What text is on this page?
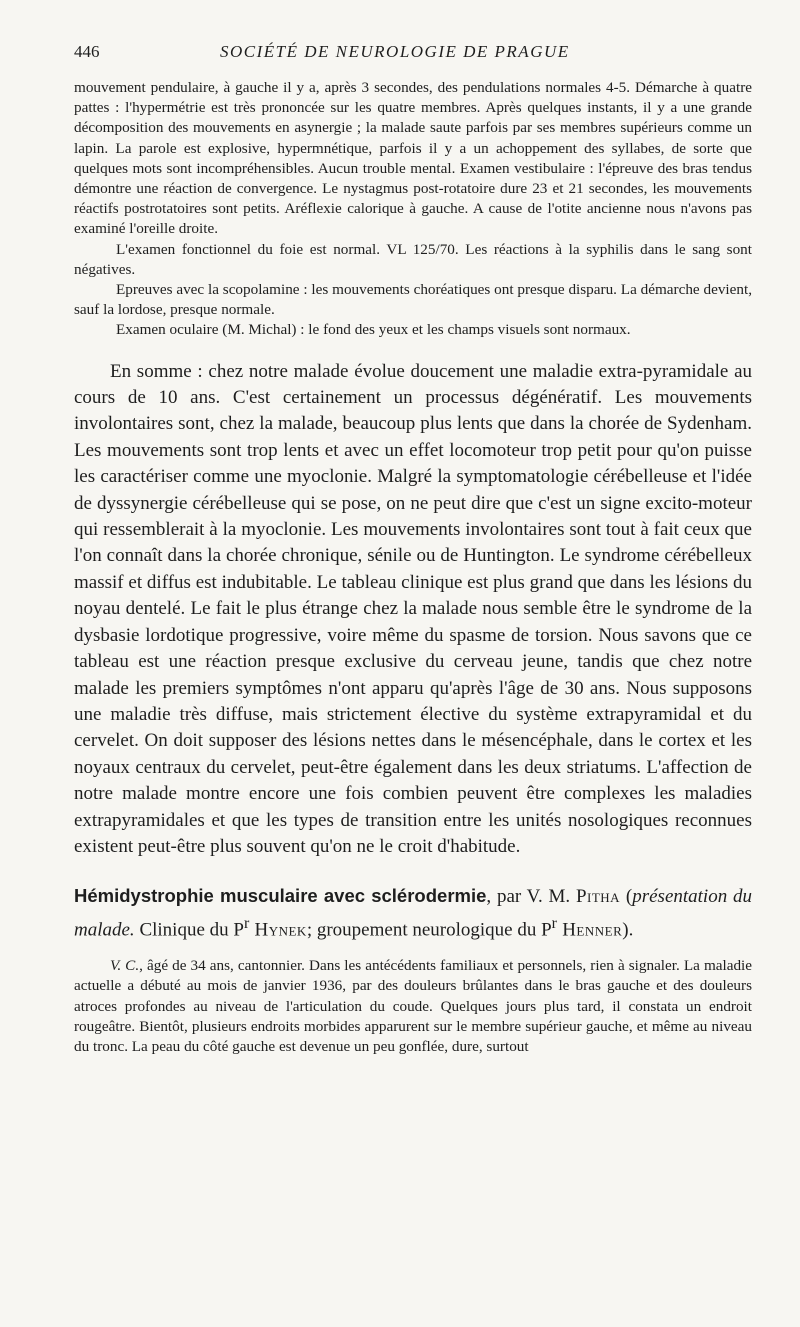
446	SOCIÉTÉ DE NEUROLOGIE DE PRAGUE

mouvement pendulaire, à gauche il y a, après 3 secondes, des pendulations normales 4-5. Démarche à quatre pattes : l'hypermétrie est très prononcée sur les quatre membres. Après quelques instants, il y a une grande décomposition des mouvements en asynergie ; la malade saute parfois par ses membres supérieurs comme un lapin. La parole est explosive, hypermnétique, parfois il y a un achoppement des syllabes, de sorte que quelques mots sont incompréhensibles. Aucun trouble mental. Examen vestibulaire : l'épreuve des bras tendus démontre une réaction de convergence. Le nystagmus post-rotatoire dure 23 et 21 secondes, les mouvements réactifs postrotatoires sont petits. Aréflexie calorique à gauche. A cause de l'otite ancienne nous n'avons pas examiné l'oreille droite.

L'examen fonctionnel du foie est normal. VL 125/70. Les réactions à la syphilis dans le sang sont négatives.

Epreuves avec la scopolamine : les mouvements choréatiques ont presque disparu. La démarche devient, sauf la lordose, presque normale.

Examen oculaire (M. Michal) : le fond des yeux et les champs visuels sont normaux.

En somme : chez notre malade évolue doucement une maladie extra-pyramidale au cours de 10 ans. C'est certainement un processus dégénératif. Les mouvements involontaires sont, chez la malade, beaucoup plus lents que dans la chorée de Sydenham. Les mouvements sont trop lents et avec un effet locomoteur trop petit pour qu'on puisse les caractériser comme une myoclonie. Malgré la symptomatologie cérébelleuse et l'idée de dyssynergie cérébelleuse qui se pose, on ne peut dire que c'est un signe excito-moteur qui ressemblerait à la myoclonie. Les mouvements involontaires sont tout à fait ceux que l'on connaît dans la chorée chronique, sénile ou de Huntington. Le syndrome cérébelleux massif et diffus est indubitable. Le tableau clinique est plus grand que dans les lésions du noyau dentelé. Le fait le plus étrange chez la malade nous semble être le syndrome de la dysbasie lordotique progressive, voire même du spasme de torsion. Nous savons que ce tableau est une réaction presque exclusive du cerveau jeune, tandis que chez notre malade les premiers symptômes n'ont apparu qu'après l'âge de 30 ans. Nous supposons une maladie très diffuse, mais strictement élective du système extrapyramidal et du cervelet. On doit supposer des lésions nettes dans le mésencéphale, dans le cortex et les noyaux centraux du cervelet, peut-être également dans les deux striatums. L'affection de notre malade montre encore une fois combien peuvent être complexes les maladies extrapyramidales et que les types de transition entre les unités nosologiques reconnues existent peut-être plus souvent qu'on ne le croit d'habitude.

Hémidystrophie musculaire avec sclérodermie, par V. M. Pitha (présentation du malade. Clinique du $P^r$ Hynek; groupement neurologique du $P^r$ Henner).

V. C., âgé de 34 ans, cantonnier. Dans les antécédents familiaux et personnels, rien à signaler. La maladie actuelle a débuté au mois de janvier 1936, par des douleurs brûlantes dans le bras gauche et des douleurs atroces profondes au niveau de l'articulation du coude. Quelques jours plus tard, il constata un endroit rougeâtre. Bientôt, plusieurs endroits morbides apparurent sur le membre supérieur gauche, et même au niveau du tronc. La peau du côté gauche est devenue un peu gonflée, dure, surtout
